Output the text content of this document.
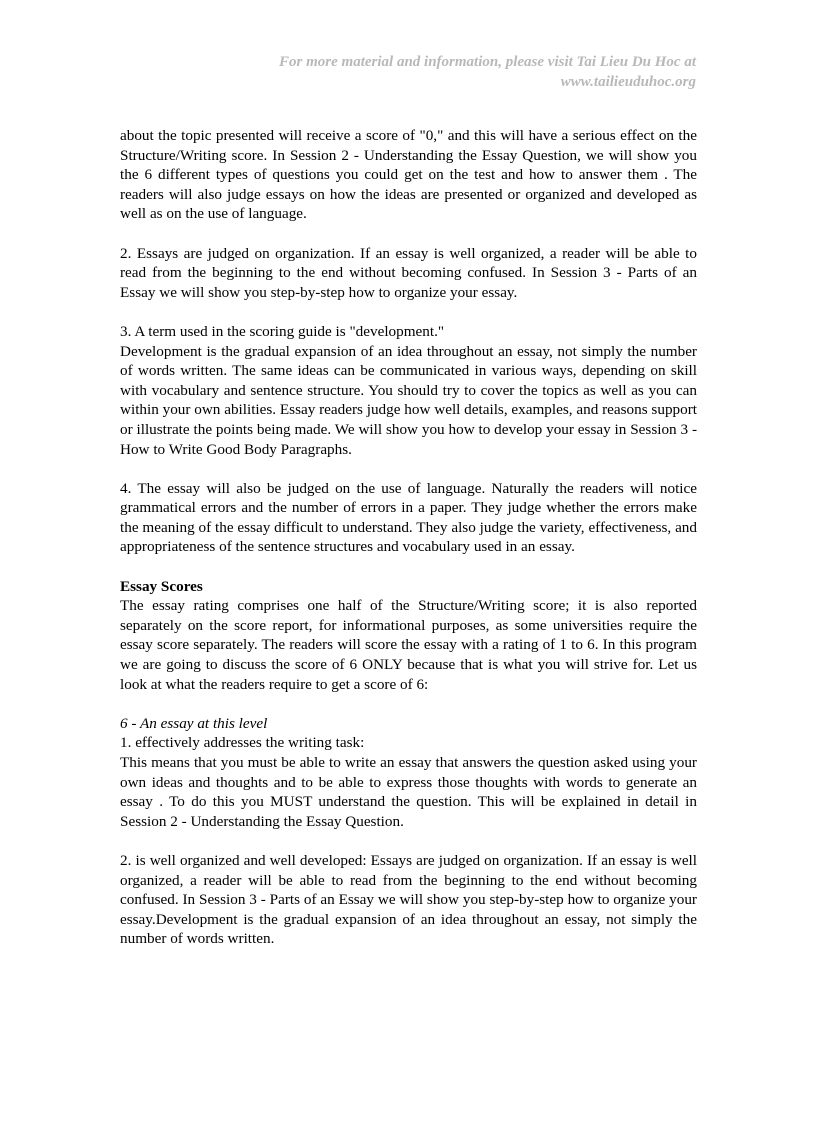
For more material and information, please visit Tai Lieu Du Hoc at
www.tailieuduhoc.org

about the topic presented will receive a score of "0," and this will have a serious effect on the Structure/Writing score. In Session 2 - Understanding the Essay Question, we will show you the 6 different types of questions you could get on the test and how to answer them . The readers will also judge essays on how the ideas are presented or organized and developed as well as on the use of language.

2. Essays are judged on organization. If an essay is well organized, a reader will be able to read from the beginning to the end without becoming confused. In Session 3 - Parts of an Essay we will show you step-by-step how to organize your essay.

3. A term used in the scoring guide is "development."

Development is the gradual expansion of an idea throughout an essay, not simply the number of words written. The same ideas can be communicated in various ways, depending on skill with vocabulary and sentence structure. You should try to cover the topics as well as you can within your own abilities. Essay readers judge how well details, examples, and reasons support or illustrate the points being made. We will show you how to develop your essay in Session 3 - How to Write Good Body Paragraphs.

4. The essay will also be judged on the use of language. Naturally the readers will notice grammatical errors and the number of errors in a paper. They judge whether the errors make the meaning of the essay difficult to understand. They also judge the variety, effectiveness, and appropriateness of the sentence structures and vocabulary used in an essay.

Essay Scores

The essay rating comprises one half of the Structure/Writing score; it is also reported separately on the score report, for informational purposes, as some universities require the essay score separately. The readers will score the essay with a rating of 1 to 6. In this program we are going to discuss the score of 6 ONLY because that is what you will strive for. Let us look at what the readers require to get a score of 6:

6 - An essay at this level

1. effectively addresses the writing task:

This means that you must be able to write an essay that answers the question asked using your own ideas and thoughts and to be able to express those thoughts with words to generate an essay . To do this you MUST understand the question. This will be explained in detail in Session 2 - Understanding the Essay Question.

2. is well organized and well developed: Essays are judged on organization. If an essay is well organized, a reader will be able to read from the beginning to the end without becoming confused. In Session 3 - Parts of an Essay we will show you step-by-step how to organize your essay.Development is the gradual expansion of an idea throughout an essay, not simply the number of words written.
